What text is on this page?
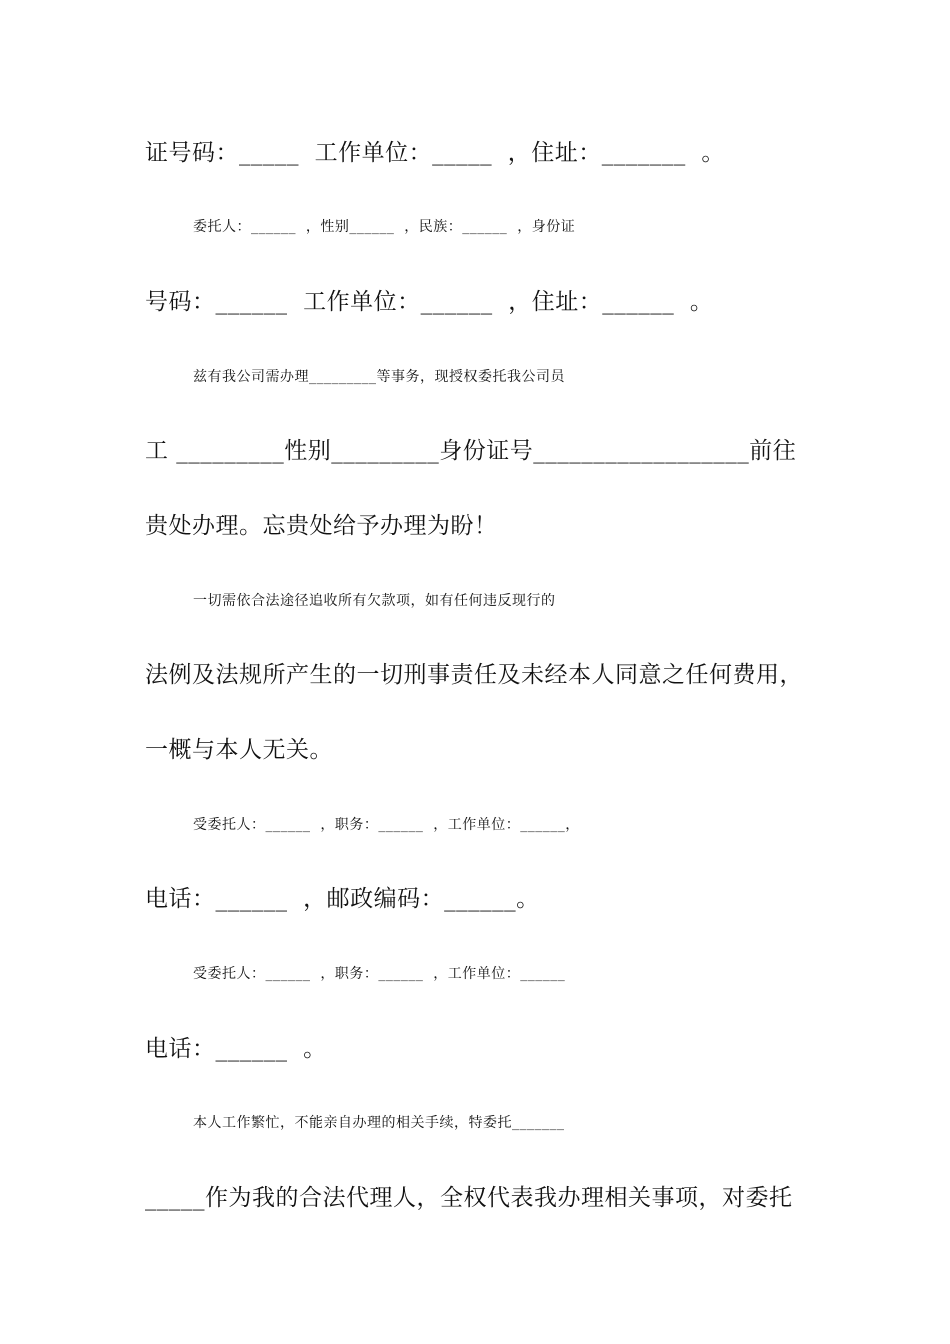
证号码：_____  工作单位：_____  ，住址：_______  。
委托人：______  ，性别______  ，民族：______  ，身份证
号码：______  工作单位：______  ，住址：______  。
兹有我公司需办理_________等事务，现授权委托我公司员
工 _________性别_________身份证号__________________前往
贵处办理。忘贵处给予办理为盼！
一切需依合法途径追收所有欠款项，如有任何违反现行的
法例及法规所产生的一切刑事责任及未经本人同意之任何费用，
一概与本人无关。
受委托人：______  ，职务：______  ，工作单位：______，
电话：______  ，邮政编码：______。
受委托人：______  ，职务：______  ，工作单位：______
电话：______  。
本人工作繁忙，不能亲自办理的相关手续，特委托_______
_____作为我的合法代理人，全权代表我办理相关事项，对委托
